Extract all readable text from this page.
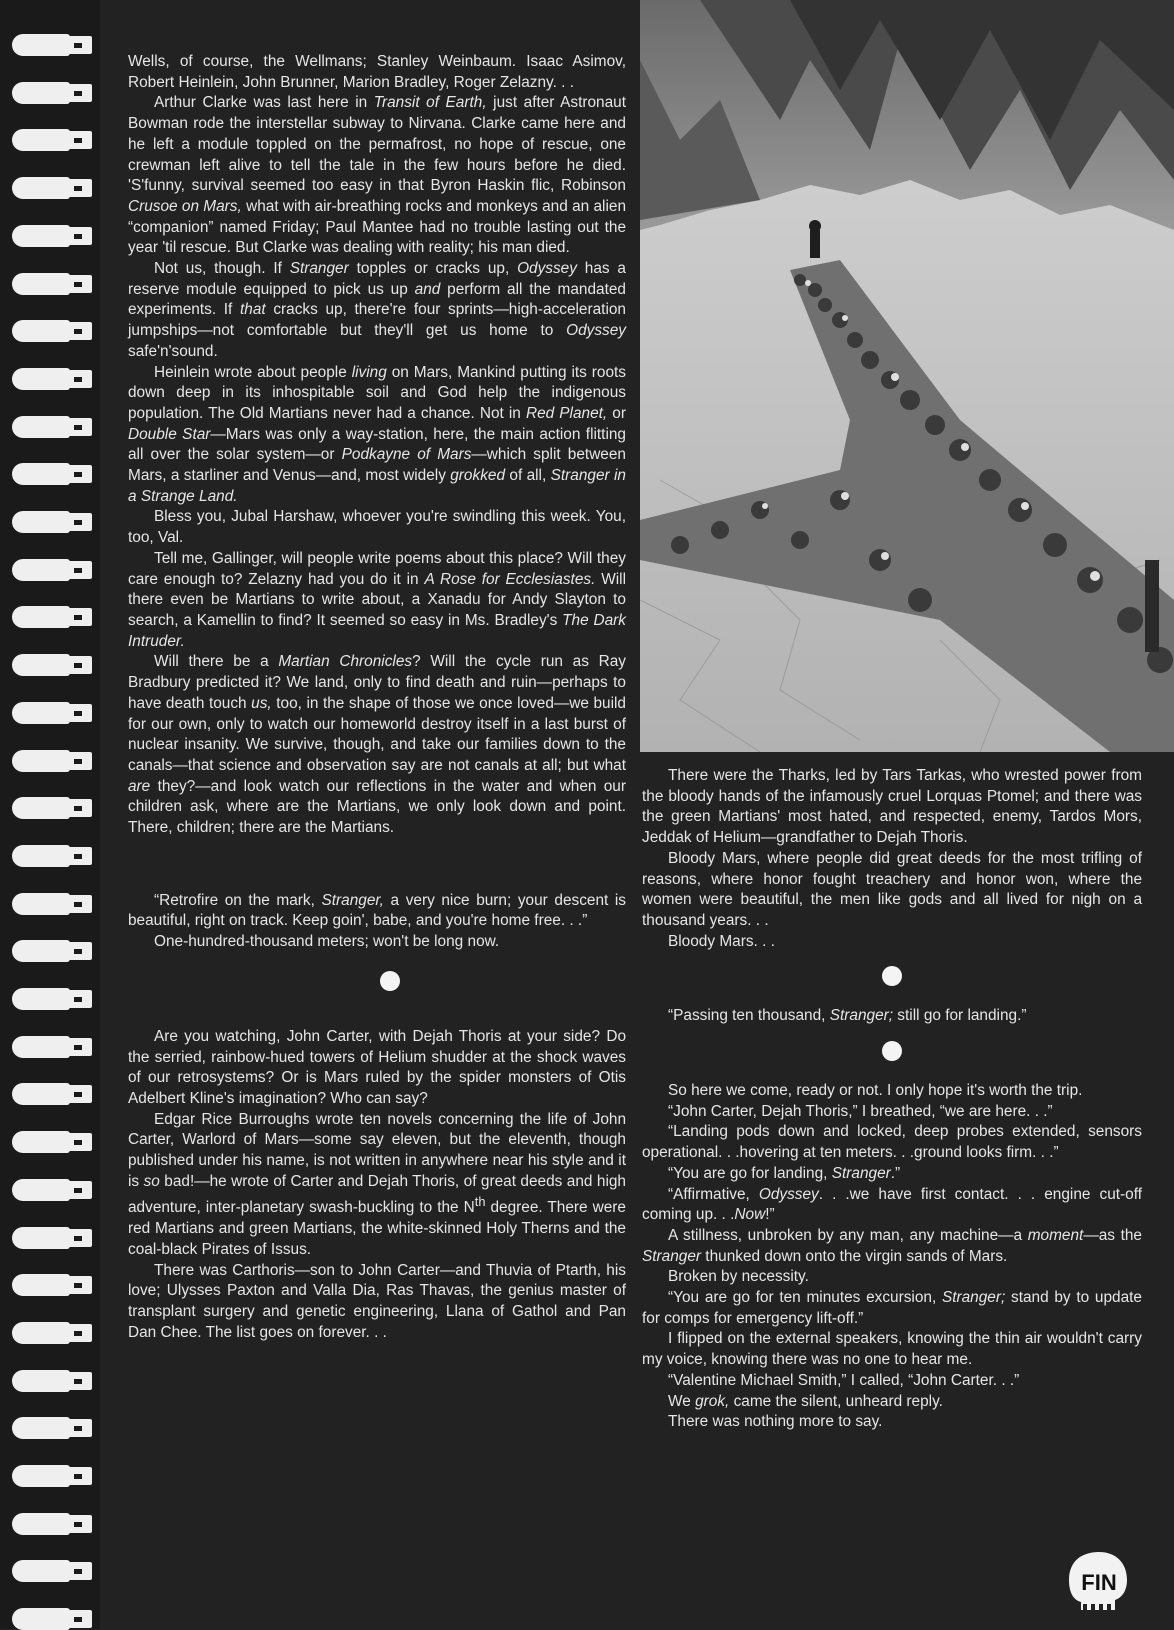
Wells, of course, the Wellmans; Stanley Weinbaum. Isaac Asimov, Robert Heinlein, John Brunner, Marion Bradley, Roger Zelazny. . .

Arthur Clarke was last here in Transit of Earth, just after Astronaut Bowman rode the interstellar subway to Nirvana. Clarke came here and he left a module toppled on the permafrost, no hope of rescue, one crewman left alive to tell the tale in the few hours before he died. 'S'funny, survival seemed too easy in that Byron Haskin flic, Robinson Crusoe on Mars, what with air-breathing rocks and monkeys and an alien “companion” named Friday; Paul Mantee had no trouble lasting out the year 'til rescue. But Clarke was dealing with reality; his man died.

Not us, though. If Stranger topples or cracks up, Odyssey has a reserve module equipped to pick us up and perform all the mandated experiments. If that cracks up, there're four sprints—high-acceleration jumpships—not comfortable but they'll get us home to Odyssey safe'n'sound.

Heinlein wrote about people living on Mars, Mankind putting its roots down deep in its inhospitable soil and God help the indigenous population. The Old Martians never had a chance. Not in Red Planet, or Double Star—Mars was only a way-station, here, the main action flitting all over the solar system—or Podkayne of Mars—which split between Mars, a starliner and Venus—and, most widely grokked of all, Stranger in a Strange Land.

Bless you, Jubal Harshaw, whoever you're swindling this week. You, too, Val.

Tell me, Gallinger, will people write poems about this place? Will they care enough to? Zelazny had you do it in A Rose for Ecclesiastes. Will there even be Martians to write about, a Xanadu for Andy Slayton to search, a Kamellin to find? It seemed so easy in Ms. Bradley's The Dark Intruder.

Will there be a Martian Chronicles? Will the cycle run as Ray Bradbury predicted it? We land, only to find death and ruin—perhaps to have death touch us, too, in the shape of those we once loved—we build for our own, only to watch our homeworld destroy itself in a last burst of nuclear insanity. We survive, though, and take our families down to the canals—that science and observation say are not canals at all; but what are they?—and look watch our reflections in the water and when our children ask, where are the Martians, we only look down and point. There, children; there are the Martians.

“Retrofire on the mark, Stranger, a very nice burn; your descent is beautiful, right on track. Keep goin', babe, and you're home free. . .”

One-hundred-thousand meters; won't be long now.

Are you watching, John Carter, with Dejah Thoris at your side? Do the serried, rainbow-hued towers of Helium shudder at the shock waves of our retrosystems? Or is Mars ruled by the spider monsters of Otis Adelbert Kline's imagination? Who can say?

Edgar Rice Burroughs wrote ten novels concerning the life of John Carter, Warlord of Mars—some say eleven, but the eleventh, though published under his name, is not written in anywhere near his style and it is so bad!—he wrote of Carter and Dejah Thoris, of great deeds and high adventure, inter-planetary swash-buckling to the $N^{th}$ degree. There were red Martians and green Martians, the white-skinned Holy Therns and the coal-black Pirates of Issus.

There was Carthoris—son to John Carter—and Thuvia of Ptarth, his love; Ulysses Paxton and Valla Dia, Ras Thavas, the genius master of transplant surgery and genetic engineering, Llana of Gathol and Pan Dan Chee. The list goes on forever. . .

There were the Tharks, led by Tars Tarkas, who wrested power from the bloody hands of the infamously cruel Lorquas Ptomel; and there was the green Martians' most hated, and respected, enemy, Tardos Mors, Jeddak of Helium—grandfather to Dejah Thoris.

Bloody Mars, where people did great deeds for the most trifling of reasons, where honor fought treachery and honor won, where the women were beautiful, the men like gods and all lived for nigh on a thousand years. . .

Bloody Mars. . .

“Passing ten thousand, Stranger; still go for landing.”

So here we come, ready or not. I only hope it's worth the trip.

“John Carter, Dejah Thoris,” I breathed, “we are here. . .”

“Landing pods down and locked, deep probes extended, sensors operational. . .hovering at ten meters. . .ground looks firm. . .”

“You are go for landing, Stranger.”

“Affirmative, Odyssey. . .we have first contact. . . engine cut-off coming up. . .Now!”

A stillness, unbroken by any man, any machine—a moment—as the Stranger thunked down onto the virgin sands of Mars.

Broken by necessity.

“You are go for ten minutes excursion, Stranger; stand by to update for comps for emergency lift-off.”

I flipped on the external speakers, knowing the thin air wouldn't carry my voice, knowing there was no one to hear me.

“Valentine Michael Smith,” I called, “John Carter. . .”

We grok, came the silent, unheard reply.

There was nothing more to say.

FIN
